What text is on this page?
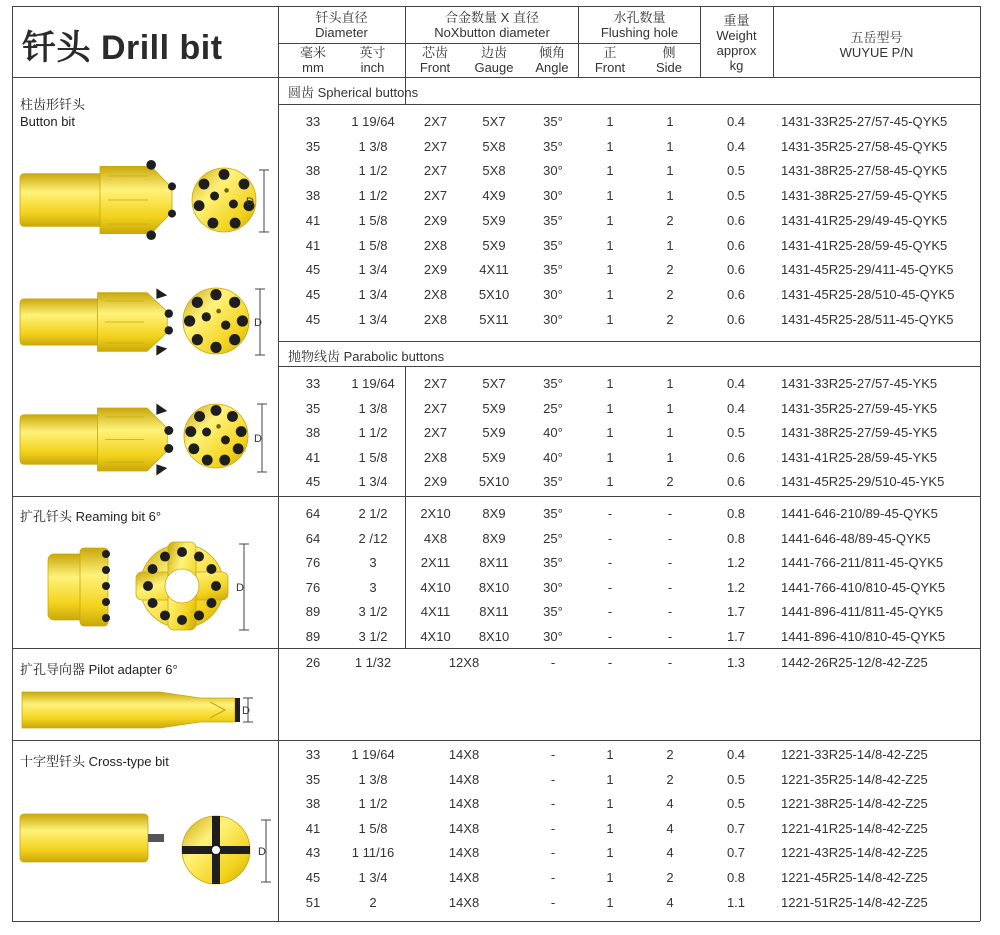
钎头 Drill bit
钎头直径
Diameter
合金数量 X 直径
NoXbutton diameter
水孔数量
Flushing hole
重量
Weight
approx
kg
五岳型号
WUYUE P/N
毫米
mm
英寸
inch
芯齿
Front
边齿
Gauge
倾角
Angle
正
Front
侧
Side
柱齿形钎头
Button bit
圆齿 Spherical buttons
抛物线齿 Parabolic buttons
扩孔钎头 Reaming bit 6°
扩孔导向器 Pilot adapter 6°
十字型钎头 Cross-type bit
33	1 19/64	2X7	5X7	35°	1	1	0.4	1431-33R25-27/57-45-QYK5
35	1 3/8	2X7	5X8	35°	1	1	0.4	1431-35R25-27/58-45-QYK5
38	1 1/2	2X7	5X8	30°	1	1	0.5	1431-38R25-27/58-45-QYK5
38	1 1/2	2X7	4X9	30°	1	1	0.5	1431-38R25-27/59-45-QYK5
41	1 5/8	2X9	5X9	35°	1	2	0.6	1431-41R25-29/49-45-QYK5
41	1 5/8	2X8	5X9	35°	1	1	0.6	1431-41R25-28/59-45-QYK5
45	1 3/4	2X9	4X11	35°	1	2	0.6	1431-45R25-29/411-45-QYK5
45	1 3/4	2X8	5X10	30°	1	2	0.6	1431-45R25-28/510-45-QYK5
45	1 3/4	2X8	5X11	30°	1	2	0.6	1431-45R25-28/511-45-QYK5
33	1 19/64	2X7	5X7	35°	1	1	0.4	1431-33R25-27/57-45-YK5
35	1 3/8	2X7	5X9	25°	1	1	0.4	1431-35R25-27/59-45-YK5
38	1 1/2	2X7	5X9	40°	1	1	0.5	1431-38R25-27/59-45-YK5
41	1 5/8	2X8	5X9	40°	1	1	0.6	1431-41R25-28/59-45-YK5
45	1 3/4	2X9	5X10	35°	1	2	0.6	1431-45R25-29/510-45-YK5
64	2 1/2	2X10	8X9	35°	-	-	0.8	1441-646-210/89-45-QYK5
64	2 /12	4X8	8X9	25°	-	-	0.8	1441-646-48/89-45-QYK5
76	3	2X11	8X11	35°	-	-	1.2	1441-766-211/811-45-QYK5
76	3	4X10	8X10	30°	-	-	1.2	1441-766-410/810-45-QYK5
89	3 1/2	4X11	8X11	35°	-	-	1.7	1441-896-411/811-45-QYK5
89	3 1/2	4X10	8X10	30°	-	-	1.7	1441-896-410/810-45-QYK5
26	1 1/32	12X8	-	-	-	1.3	1442-26R25-12/8-42-Z25
33	1 19/64	14X8	-	1	2	0.4	1221-33R25-14/8-42-Z25
35	1 3/8	14X8	-	1	2	0.5	1221-35R25-14/8-42-Z25
38	1 1/2	14X8	-	1	4	0.5	1221-38R25-14/8-42-Z25
41	1 5/8	14X8	-	1	4	0.7	1221-41R25-14/8-42-Z25
43	1 11/16	14X8	-	1	4	0.7	1221-43R25-14/8-42-Z25
45	1 3/4	14X8	-	1	2	0.8	1221-45R25-14/8-42-Z25
51	2	14X8	-	1	4	1.1	1221-51R25-14/8-42-Z25
D
D
D
D
D
D
